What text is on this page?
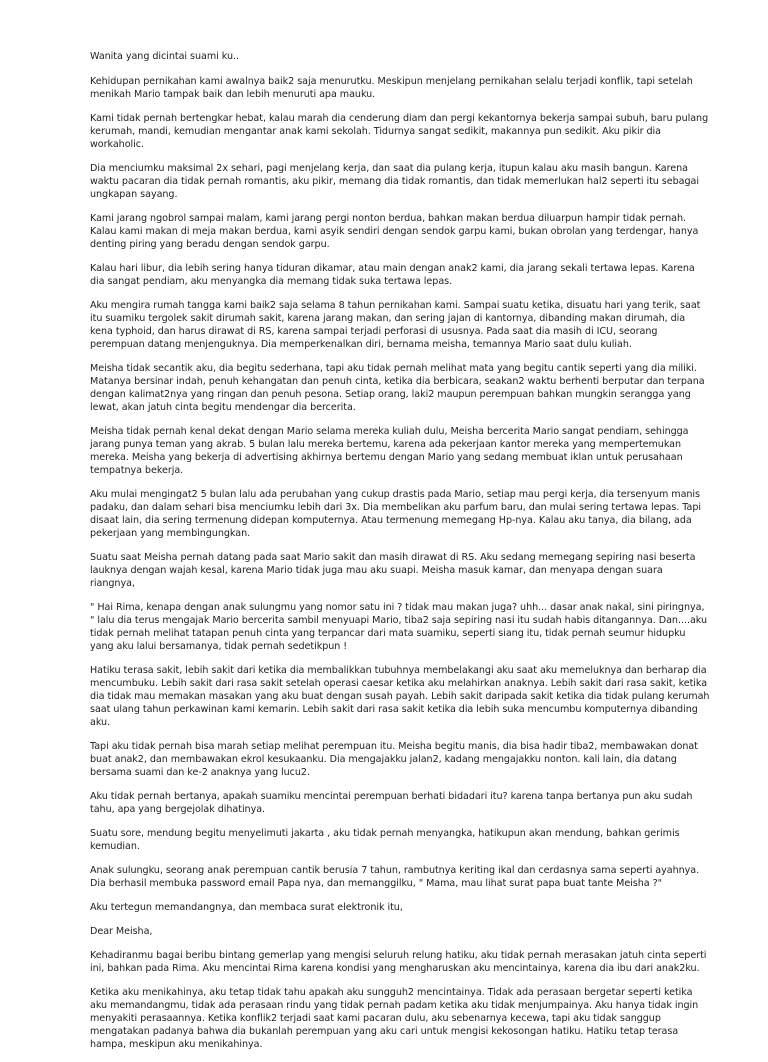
Wanita yang dicintai suami ku..

Kehidupan pernikahan kami awalnya baik2 saja menurutku. Meskipun menjelang pernikahan selalu terjadi konflik, tapi setelah menikah Mario tampak baik dan lebih menuruti apa mauku.

Kami tidak pernah bertengkar hebat, kalau marah dia cenderung diam dan pergi kekantornya bekerja sampai subuh, baru pulang kerumah, mandi, kemudian mengantar anak kami sekolah. Tidurnya sangat sedikit, makannya pun sedikit. Aku pikir dia workaholic.

Dia menciumku maksimal 2x sehari, pagi menjelang kerja, dan saat dia pulang kerja, itupun kalau aku masih bangun. Karena waktu pacaran dia tidak pernah romantis, aku pikir, memang dia tidak romantis, dan tidak memerlukan hal2 seperti itu sebagai ungkapan sayang.

Kami jarang ngobrol sampai malam, kami jarang pergi nonton berdua, bahkan makan berdua diluarpun hampir tidak pernah. Kalau kami makan di meja makan berdua, kami asyik sendiri dengan sendok garpu kami, bukan obrolan yang terdengar, hanya denting piring yang beradu dengan sendok garpu.

Kalau hari libur, dia lebih sering hanya tiduran dikamar, atau main dengan anak2 kami, dia jarang sekali tertawa lepas. Karena dia sangat pendiam, aku menyangka dia memang tidak suka tertawa lepas.

Aku mengira rumah tangga kami baik2 saja selama 8 tahun pernikahan kami. Sampai suatu ketika, disuatu hari yang terik, saat itu suamiku tergolek sakit dirumah sakit, karena jarang makan, dan sering jajan di kantornya, dibanding makan dirumah, dia kena typhoid, dan harus dirawat di RS, karena sampai terjadi perforasi di ususnya. Pada saat dia masih di ICU, seorang perempuan datang menjenguknya. Dia memperkenalkan diri, bernama meisha, temannya Mario saat dulu kuliah.

Meisha tidak secantik aku, dia begitu sederhana, tapi aku tidak pernah melihat mata yang begitu cantik seperti yang dia miliki. Matanya bersinar indah, penuh kehangatan dan penuh cinta, ketika dia berbicara, seakan2 waktu berhenti berputar dan terpana dengan kalimat2nya yang ringan dan penuh pesona. Setiap orang, laki2 maupun perempuan bahkan mungkin serangga yang lewat, akan jatuh cinta begitu mendengar dia bercerita.

Meisha tidak pernah kenal dekat dengan Mario selama mereka kuliah dulu, Meisha bercerita Mario sangat pendiam, sehingga jarang punya teman yang akrab. 5 bulan lalu mereka bertemu, karena ada pekerjaan kantor mereka yang mempertemukan mereka. Meisha yang bekerja di advertising akhirnya bertemu dengan Mario yang sedang membuat iklan untuk perusahaan tempatnya bekerja.

Aku mulai mengingat2 5 bulan lalu ada perubahan yang cukup drastis pada Mario, setiap mau pergi kerja, dia tersenyum manis padaku, dan dalam sehari bisa menciumku lebih dari 3x. Dia membelikan aku parfum baru, dan mulai sering tertawa lepas. Tapi disaat lain, dia sering termenung didepan komputernya. Atau termenung memegang Hp-nya. Kalau aku tanya, dia bilang, ada pekerjaan yang membingungkan.

Suatu saat Meisha pernah datang pada saat Mario sakit dan masih dirawat di RS. Aku sedang memegang sepiring nasi beserta lauknya dengan wajah kesal, karena Mario tidak juga mau aku suapi. Meisha masuk kamar, dan menyapa dengan suara riangnya,

" Hai Rima, kenapa dengan anak sulungmu yang nomor satu ini ? tidak mau makan juga? uhh... dasar anak nakal, sini piringnya, " lalu dia terus mengajak Mario bercerita sambil menyuapi Mario, tiba2 saja sepiring nasi itu sudah habis ditangannya. Dan....aku tidak pernah melihat tatapan penuh cinta yang terpancar dari mata suamiku, seperti siang itu, tidak pernah seumur hidupku yang aku lalui bersamanya, tidak pernah sedetikpun !

Hatiku terasa sakit, lebih sakit dari ketika dia membalikkan tubuhnya membelakangi aku saat aku memeluknya dan berharap dia mencumbuku. Lebih sakit dari rasa sakit setelah operasi caesar ketika aku melahirkan anaknya. Lebih sakit dari rasa sakit, ketika dia tidak mau memakan masakan yang aku buat dengan susah payah. Lebih sakit daripada sakit ketika dia tidak pulang kerumah saat ulang tahun perkawinan kami kemarin. Lebih sakit dari rasa sakit ketika dia lebih suka mencumbu komputernya dibanding aku.

Tapi aku tidak pernah bisa marah setiap melihat perempuan itu. Meisha begitu manis, dia bisa hadir tiba2, membawakan donat buat anak2, dan membawakan ekrol kesukaanku. Dia mengajakku jalan2, kadang mengajakku nonton. kali lain, dia datang bersama suami dan ke-2 anaknya yang lucu2.

Aku tidak pernah bertanya, apakah suamiku mencintai perempuan berhati bidadari itu? karena tanpa bertanya pun aku sudah tahu, apa yang bergejolak dihatinya.

Suatu sore, mendung begitu menyelimuti jakarta , aku tidak pernah menyangka, hatikupun akan mendung, bahkan gerimis kemudian.

Anak sulungku, seorang anak perempuan cantik berusia 7 tahun, rambutnya keriting ikal dan cerdasnya sama seperti ayahnya. Dia berhasil membuka password email Papa nya, dan memanggilku, " Mama, mau lihat surat papa buat tante Meisha ?"

Aku tertegun memandangnya, dan membaca surat elektronik itu,

Dear Meisha,

Kehadiranmu bagai beribu bintang gemerlap yang mengisi seluruh relung hatiku, aku tidak pernah merasakan jatuh cinta seperti ini, bahkan pada Rima. Aku mencintai Rima karena kondisi yang mengharuskan aku mencintainya, karena dia ibu dari anak2ku.

Ketika aku menikahinya, aku tetap tidak tahu apakah aku sungguh2 mencintainya. Tidak ada perasaan bergetar seperti ketika aku memandangmu, tidak ada perasaan rindu yang tidak pernah padam ketika aku tidak menjumpainya. Aku hanya tidak ingin menyakiti perasaannya. Ketika konflik2 terjadi saat kami pacaran dulu, aku sebenarnya kecewa, tapi aku tidak sanggup mengatakan padanya bahwa dia bukanlah perempuan yang aku cari untuk mengisi kekosongan hatiku. Hatiku tetap terasa hampa, meskipun aku menikahinya.
